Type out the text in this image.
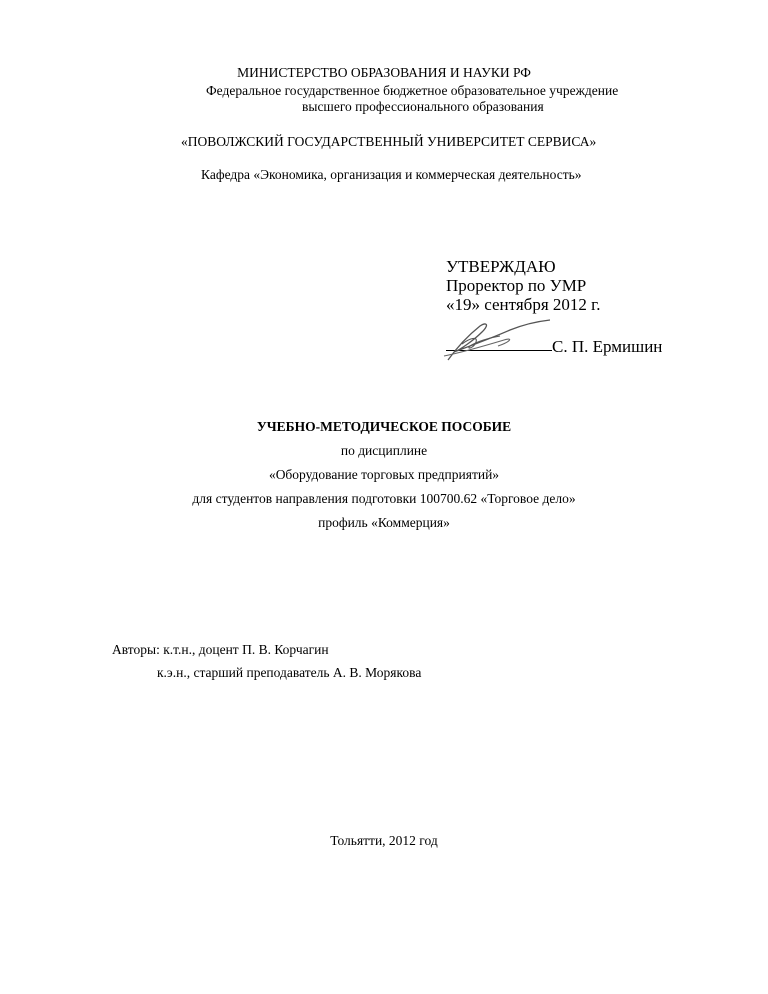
МИНИСТЕРСТВО ОБРАЗОВАНИЯ И НАУКИ РФ
Федеральное государственное бюджетное образовательное учреждение
высшего профессионального образования
«ПОВОЛЖСКИЙ ГОСУДАРСТВЕННЫЙ УНИВЕРСИТЕТ СЕРВИСА»
Кафедра «Экономика, организация и коммерческая деятельность»
УТВЕРЖДАЮ
Проректор по УМР
«19» сентября 2012 г.
С. П. Ермишин
УЧЕБНО-МЕТОДИЧЕСКОЕ ПОСОБИЕ
по дисциплине
«Оборудование торговых предприятий»
для студентов направления подготовки 100700.62 «Торговое дело»
профиль «Коммерция»
Авторы: к.т.н., доцент П. В. Корчагин
к.э.н., старший преподаватель А. В. Морякова
Тольятти, 2012 год
